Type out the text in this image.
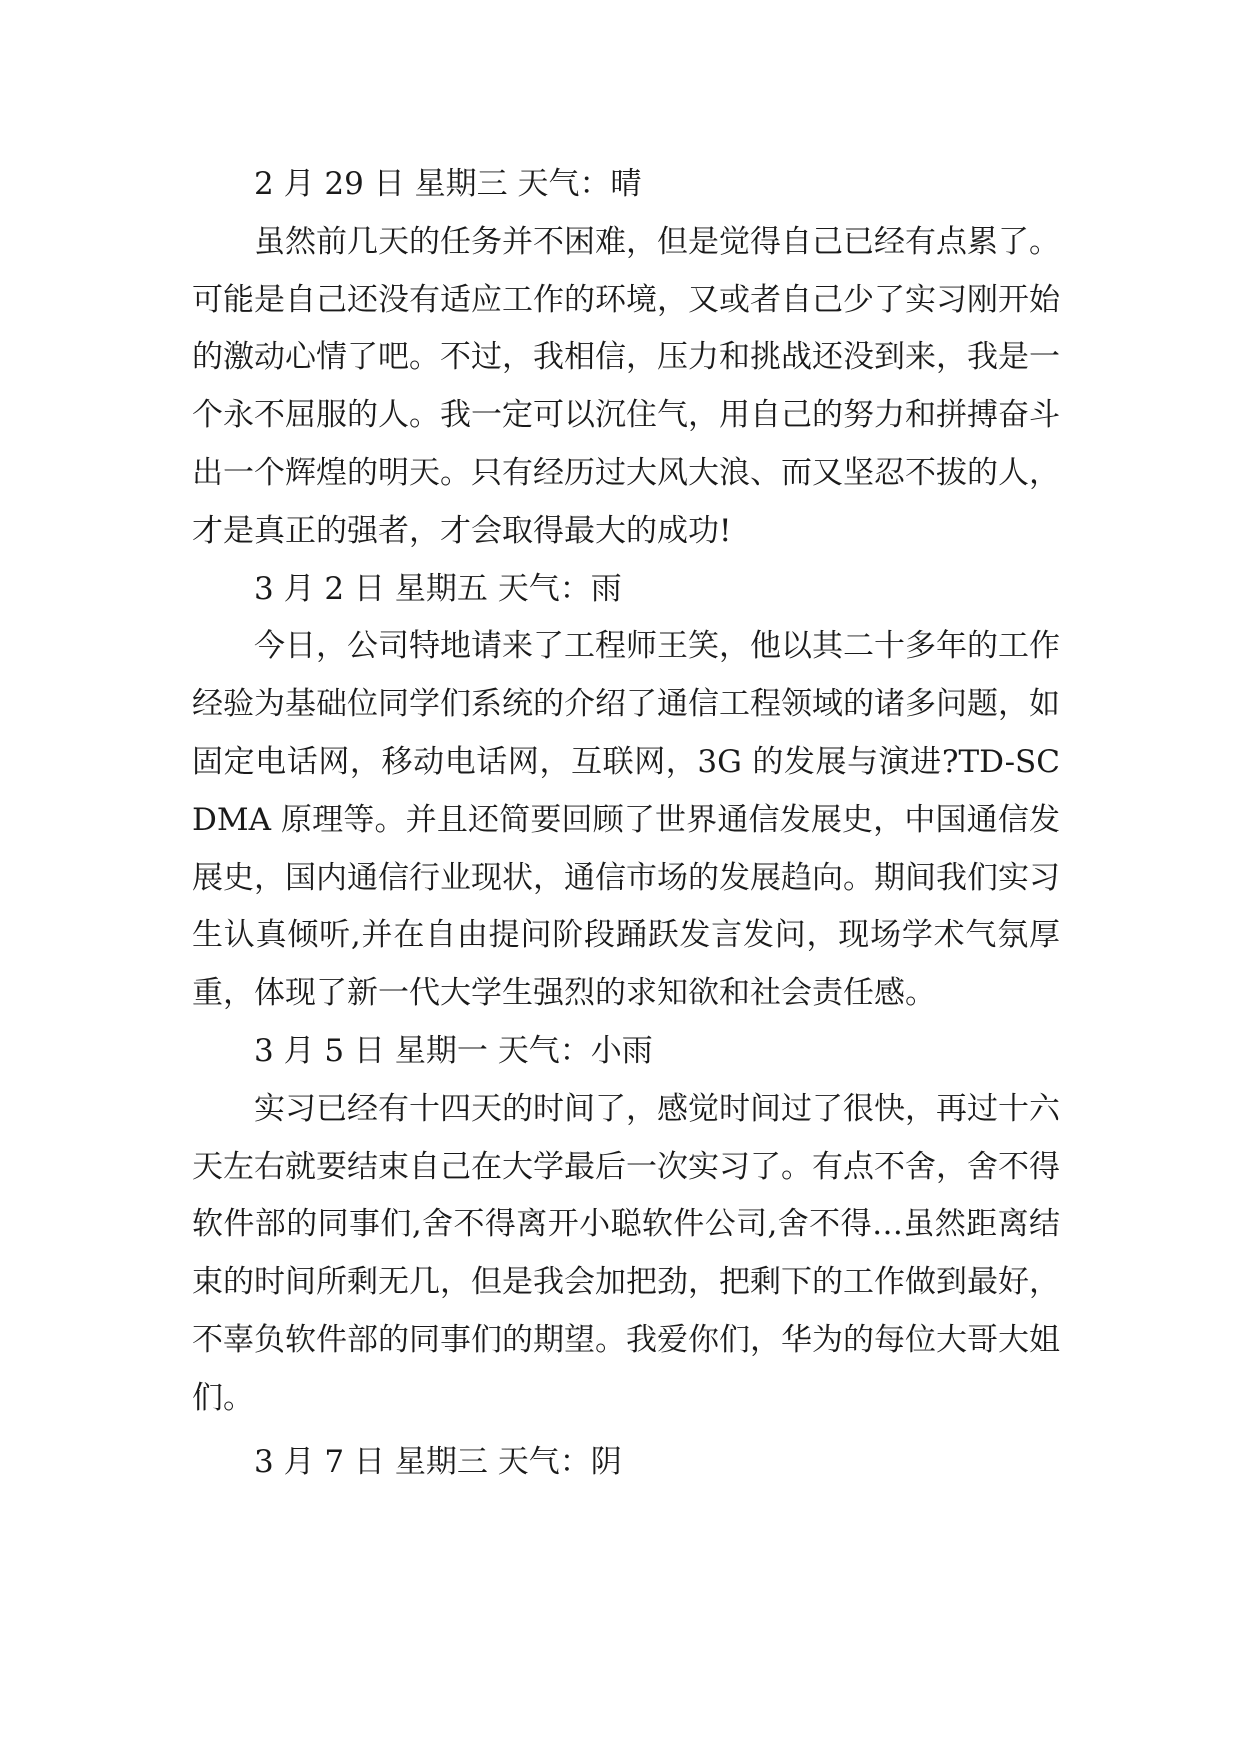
2 月 29 日 星期三 天气：晴

虽然前几天的任务并不困难，但是觉得自己已经有点累了。可能是自己还没有适应工作的环境，又或者自己少了实习刚开始的激动心情了吧。不过，我相信，压力和挑战还没到来，我是一个永不屈服的人。我一定可以沉住气，用自己的努力和拼搏奋斗出一个辉煌的明天。只有经历过大风大浪、而又坚忍不拔的人，才是真正的强者，才会取得最大的成功!

3 月 2 日 星期五 天气：雨

今日，公司特地请来了工程师王笑，他以其二十多年的工作经验为基础位同学们系统的介绍了通信工程领域的诸多问题，如固定电话网，移动电话网，互联网，3G 的发展与演进?TD-SCDMA 原理等。并且还简要回顾了世界通信发展史，中国通信发展史，国内通信行业现状，通信市场的发展趋向。期间我们实习生认真倾听,并在自由提问阶段踊跃发言发问，现场学术气氛厚重，体现了新一代大学生强烈的求知欲和社会责任感。

3 月 5 日 星期一 天气：小雨

实习已经有十四天的时间了，感觉时间过了很快，再过十六天左右就要结束自己在大学最后一次实习了。有点不舍，舍不得软件部的同事们,舍不得离开小聪软件公司,舍不得…虽然距离结束的时间所剩无几，但是我会加把劲，把剩下的工作做到最好，不辜负软件部的同事们的期望。我爱你们，华为的每位大哥大姐们。

3 月 7 日 星期三 天气：阴
